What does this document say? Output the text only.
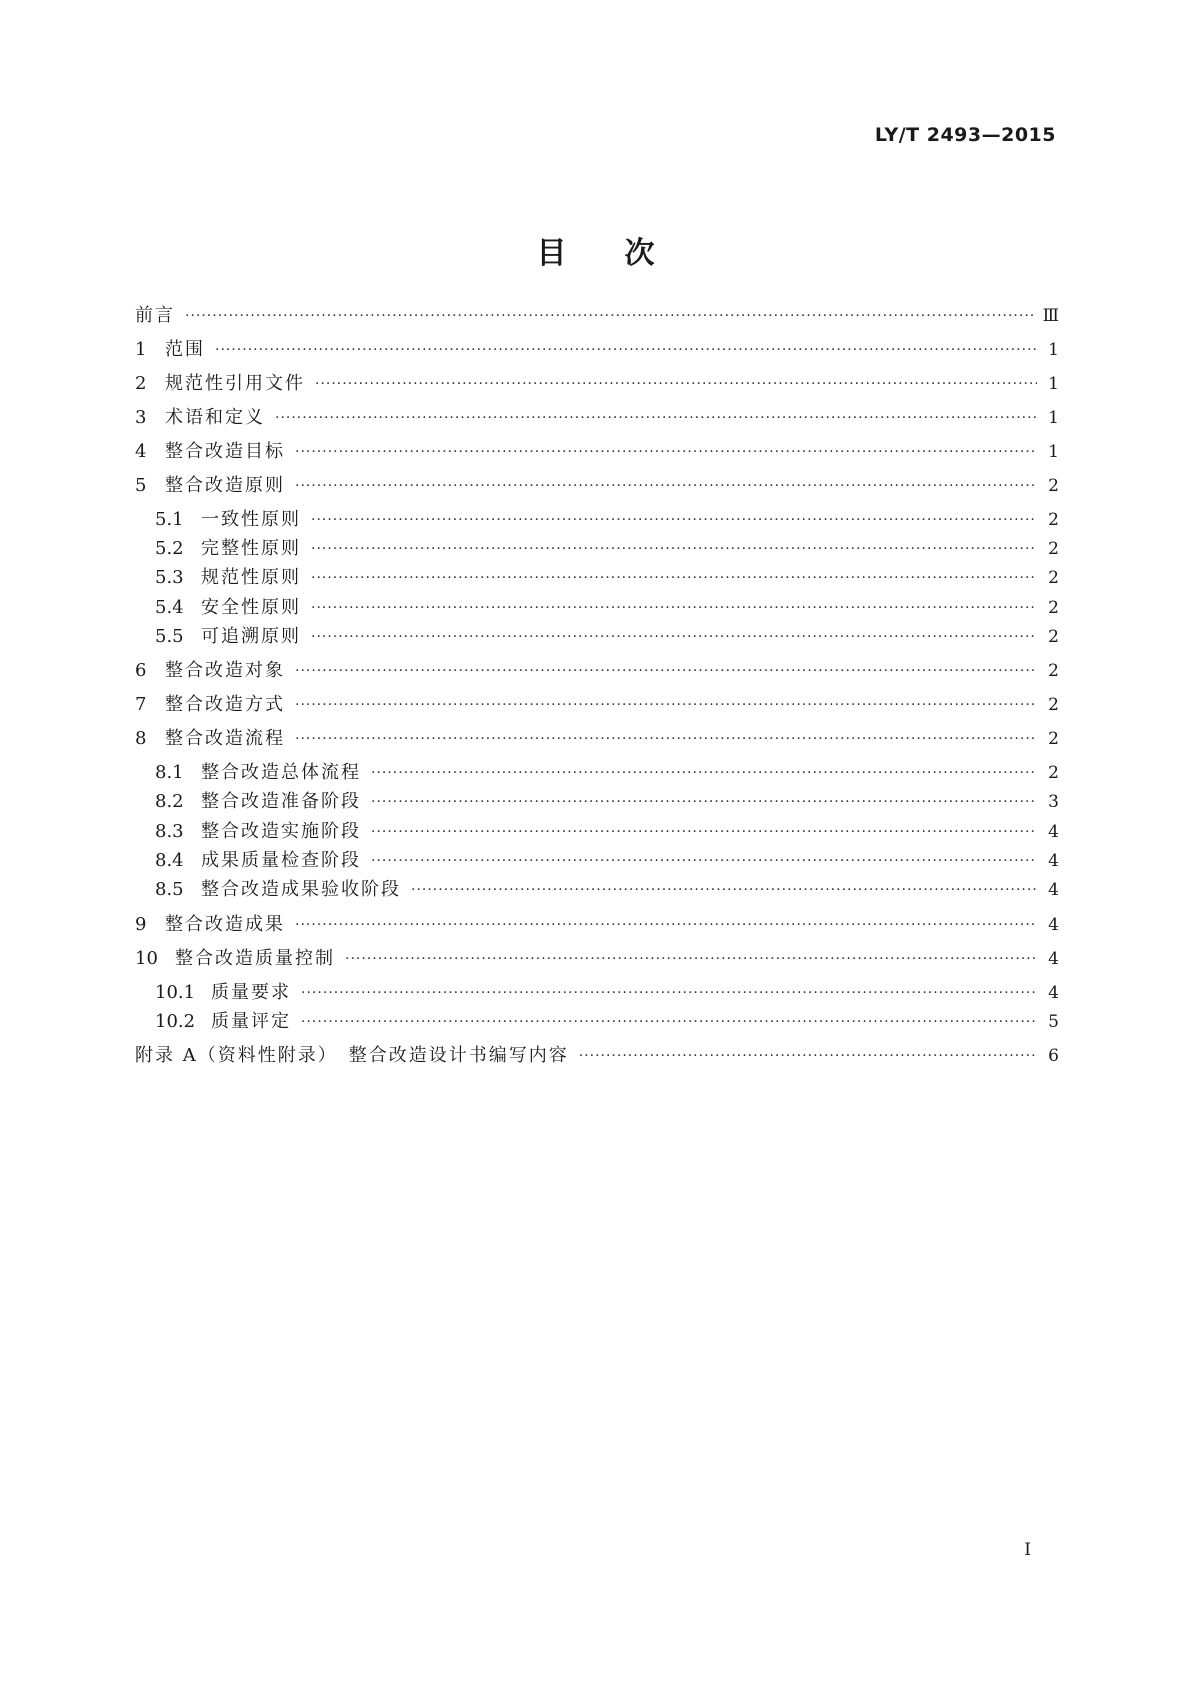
LY/T 2493—2015
目次
前言 ·····	Ⅲ
1	范围 ·····	1
2	规范性引用文件 ·····	1
3	术语和定义 ·····	1
4	整合改造目标 ·····	1
5	整合改造原则 ·····	2
5.1 一致性原则 ·····	2
5.2 完整性原则 ·····	2
5.3 规范性原则 ·····	2
5.4 安全性原则 ·····	2
5.5 可追溯原则 ·····	2
6	整合改造对象 ·····	2
7	整合改造方式 ·····	2
8	整合改造流程 ·····	2
8.1 整合改造总体流程 ·····	2
8.2 整合改造准备阶段 ·····	3
8.3 整合改造实施阶段 ·····	4
8.4 成果质量检查阶段 ·····	4
8.5 整合改造成果验收阶段 ·····	4
9	整合改造成果 ·····	4
10 整合改造质量控制 ·····	4
10.1 质量要求 ·····	4
10.2 质量评定 ·····	5
附录 A（资料性附录）　整合改造设计书编写内容 ·····	6
I
